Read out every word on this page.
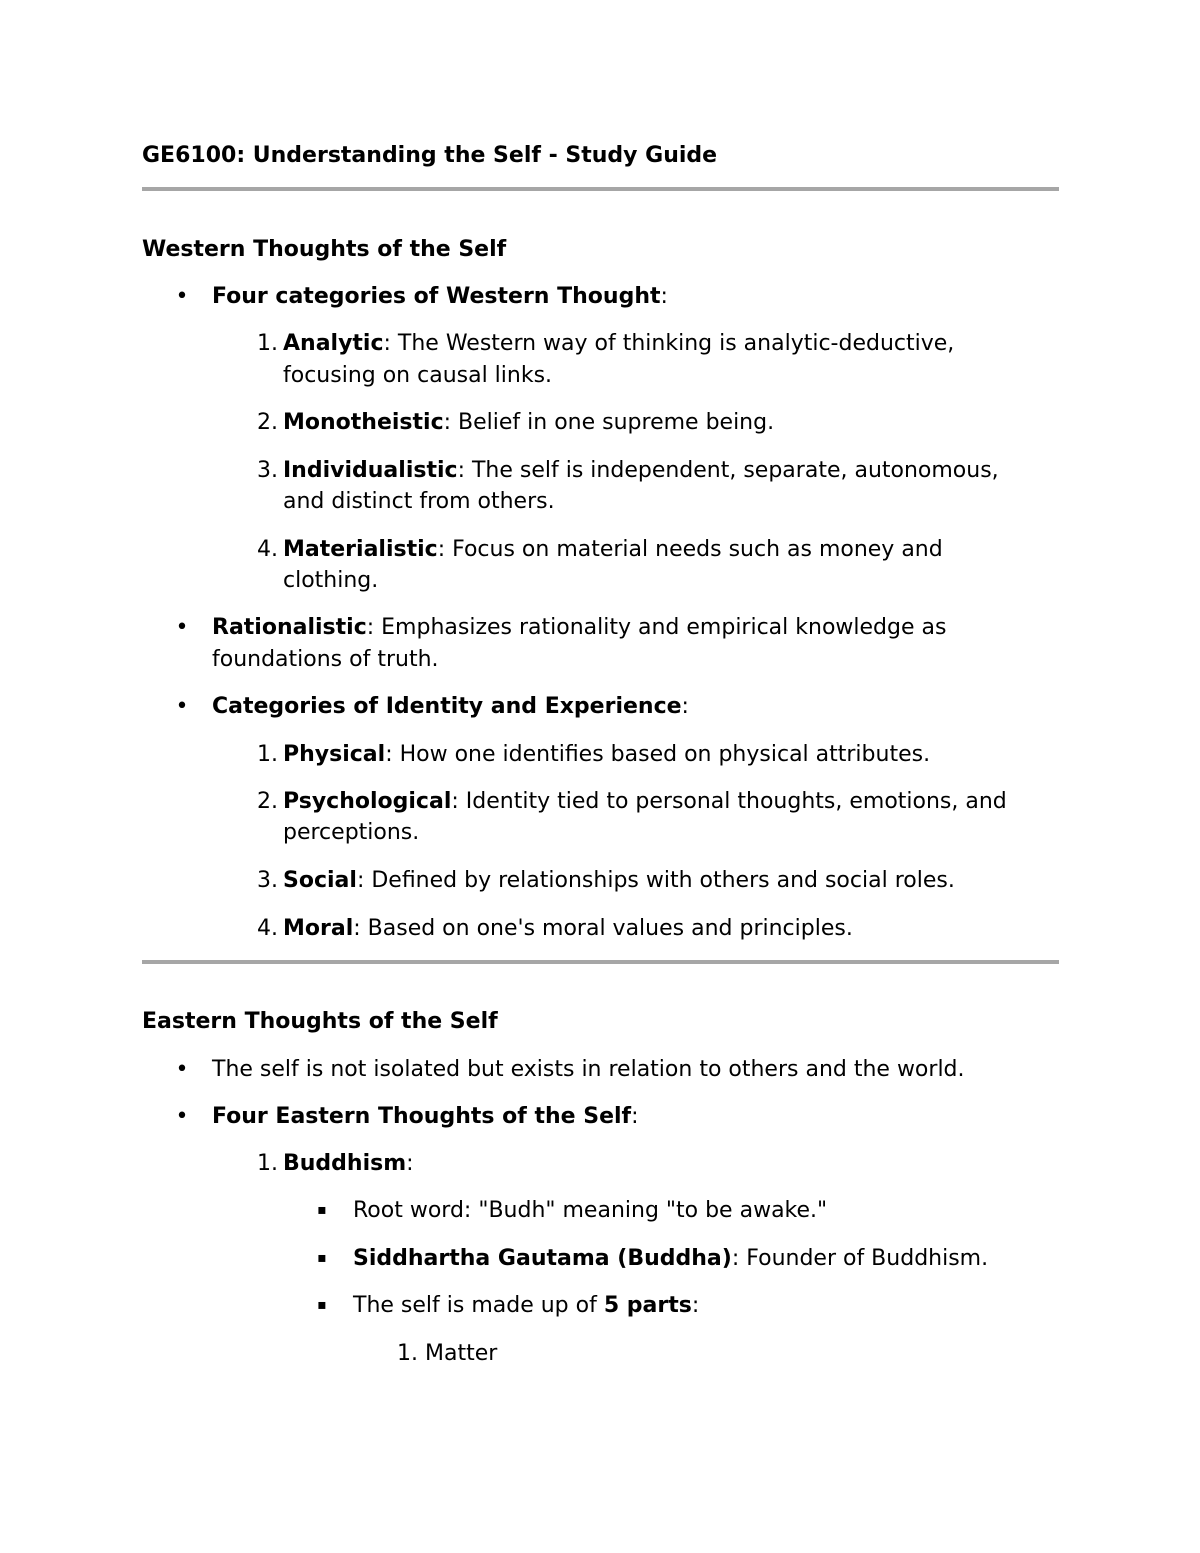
GE6100: Understanding the Self - Study Guide
Western Thoughts of the Self
• Four categories of Western Thought:
1. Analytic: The Western way of thinking is analytic-deductive,
focusing on causal links.
2. Monotheistic: Belief in one supreme being.
3. Individualistic: The self is independent, separate, autonomous,
and distinct from others.
4. Materialistic: Focus on material needs such as money and
clothing.
• Rationalistic: Emphasizes rationality and empirical knowledge as
foundations of truth.
• Categories of Identity and Experience:
1. Physical: How one identifies based on physical attributes.
2. Psychological: Identity tied to personal thoughts, emotions, and
perceptions.
3. Social: Defined by relationships with others and social roles.
4. Moral: Based on one's moral values and principles.
Eastern Thoughts of the Self
• The self is not isolated but exists in relation to others and the world.
• Four Eastern Thoughts of the Self:
1. Buddhism:
▪ Root word: "Budh" meaning "to be awake."
▪ Siddhartha Gautama (Buddha): Founder of Buddhism.
▪ The self is made up of 5 parts:
1. Matter
